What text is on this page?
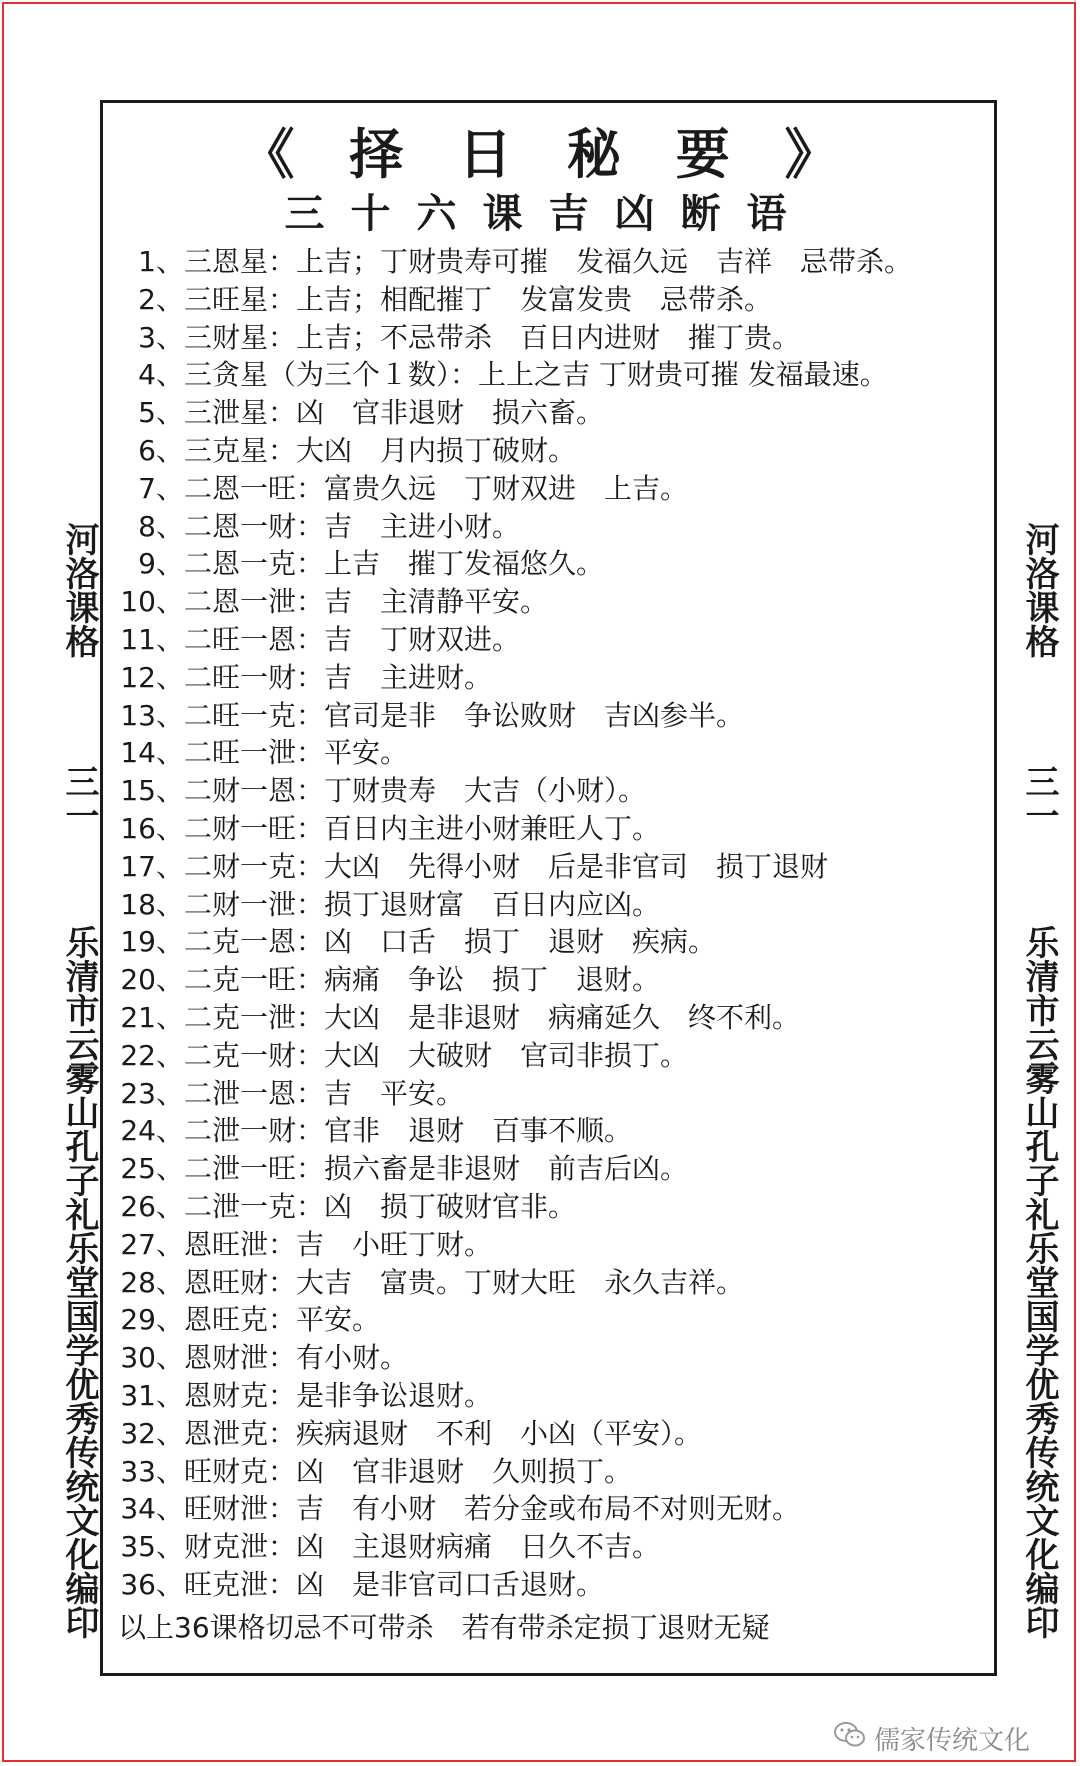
《 择 日 秘 要 》
三十六课吉凶断语
1、三恩星：上吉；丁财贵寿可摧　发福久远　吉祥　忌带杀。
2、三旺星：上吉；相配摧丁　发富发贵　忌带杀。
3、三财星：上吉；不忌带杀　百日内进财　摧丁贵。
4、三贪星（为三个１数）：上上之吉 丁财贵可摧 发福最速。
5、三泄星：凶　官非退财　损六畜。
6、三克星：大凶　月内损丁破财。
7、二恩一旺：富贵久远　丁财双进　上吉。
8、二恩一财：吉　主进小财。
9、二恩一克：上吉　摧丁发福悠久。
10、二恩一泄：吉　主清静平安。
11、二旺一恩：吉　丁财双进。
12、二旺一财：吉　主进财。
13、二旺一克：官司是非　争讼败财　吉凶参半。
14、二旺一泄：平安。
15、二财一恩：丁财贵寿　大吉（小财）。
16、二财一旺：百日内主进小财兼旺人丁。
17、二财一克：大凶　先得小财　后是非官司　损丁退财
18、二财一泄：损丁退财富　百日内应凶。
19、二克一恩：凶　口舌　损丁　退财　疾病。
20、二克一旺：病痛　争讼　损丁　退财。
21、二克一泄：大凶　是非退财　病痛延久　终不利。
22、二克一财：大凶　大破财　官司非损丁。
23、二泄一恩：吉　平安。
24、二泄一财：官非　退财　百事不顺。
25、二泄一旺：损六畜是非退财　前吉后凶。
26、二泄一克：凶　损丁破财官非。
27、恩旺泄：吉　小旺丁财。
28、恩旺财：大吉　富贵。丁财大旺　永久吉祥。
29、恩旺克：平安。
30、恩财泄：有小财。
31、恩财克：是非争讼退财。
32、恩泄克：疾病退财　不利　小凶（平安）。
33、旺财克：凶　官非退财　久则损丁。
34、旺财泄：吉　有小财　若分金或布局不对则无财。
35、财克泄：凶　主退财病痛　日久不吉。
36、旺克泄：凶　是非官司口舌退财。
以上36课格切忌不可带杀　若有带杀定损丁退财无疑
河洛课格
三一
乐清市云雾山孔子礼乐堂国学优秀传统文化编印
河洛课格
三一
乐清市云雾山孔子礼乐堂国学优秀传统文化编印
儒家传统文化
